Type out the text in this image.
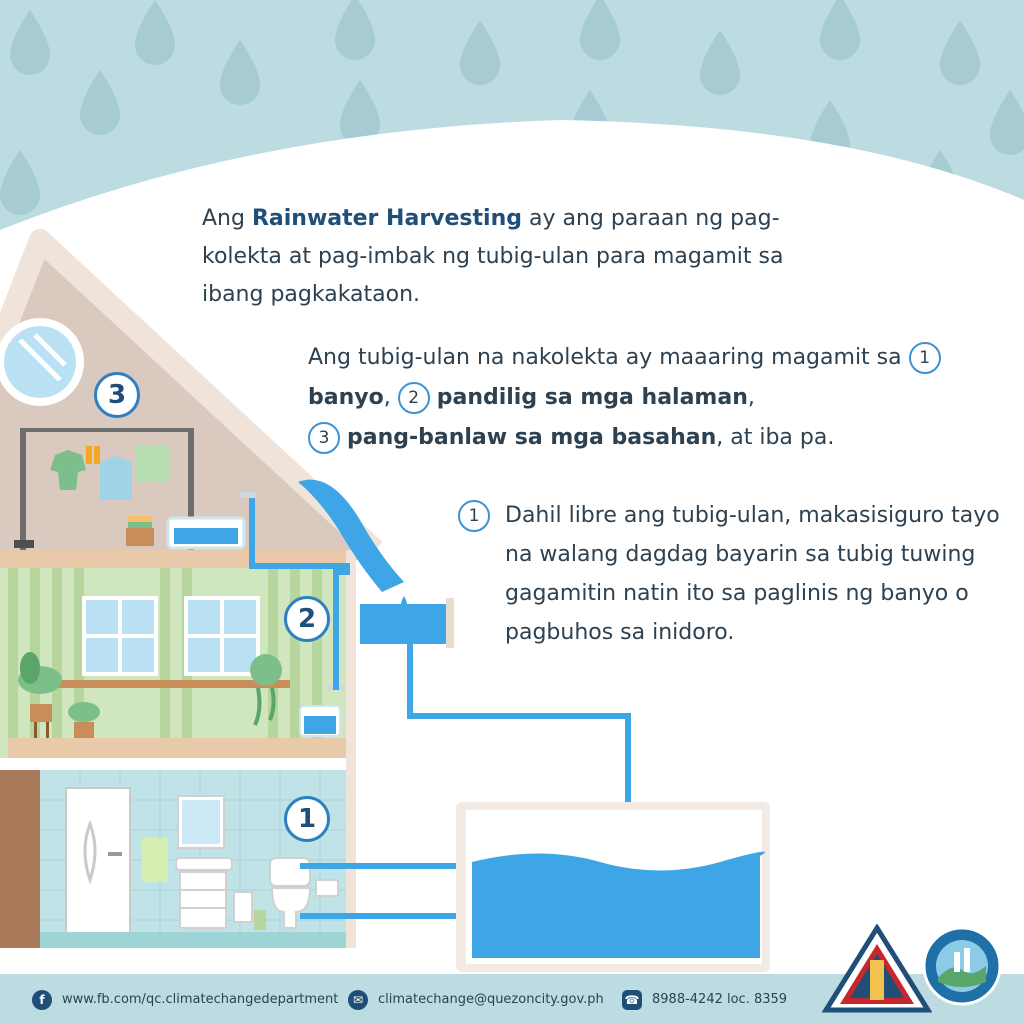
3
2
1
Ang Rainwater Harvesting ay ang paraan ng pag-kolekta at pag-imbak ng tubig-ulan para magamit sa ibang pagkakataon.
Ang tubig-ulan na nakolekta ay maaaring magamit sa 1 banyo, 2 pandilig sa mga halaman,
3 pang-banlaw sa mga basahan, at iba pa.
1	Dahil libre ang tubig-ulan, makasisiguro tayo na walang dagdag bayarin sa tubig tuwing gagamitin natin ito sa paglinis ng banyo o pagbuhos sa inidoro.
f	www.fb.com/qc.climatechangedepartment	✉	climatechange@quezoncity.gov.ph ☎ 8988-4242 loc. 8359
